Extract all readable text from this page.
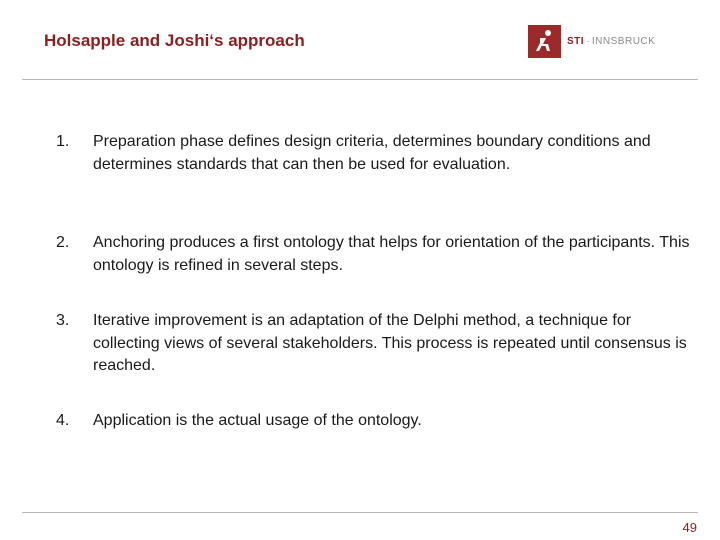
Holsapple and Joshi‘s approach	STI · INNSBRUCK
1.	Preparation phase defines design criteria, determines boundary conditions and determines standards that can then be used for evaluation.
2.	Anchoring produces a first ontology that helps for orientation of the participants. This ontology is refined in several steps.
3.	Iterative improvement is an adaptation of the Delphi method, a technique for collecting views of several stakeholders. This process is repeated until consensus is reached.
4.	Application is the actual usage of the ontology.
49
